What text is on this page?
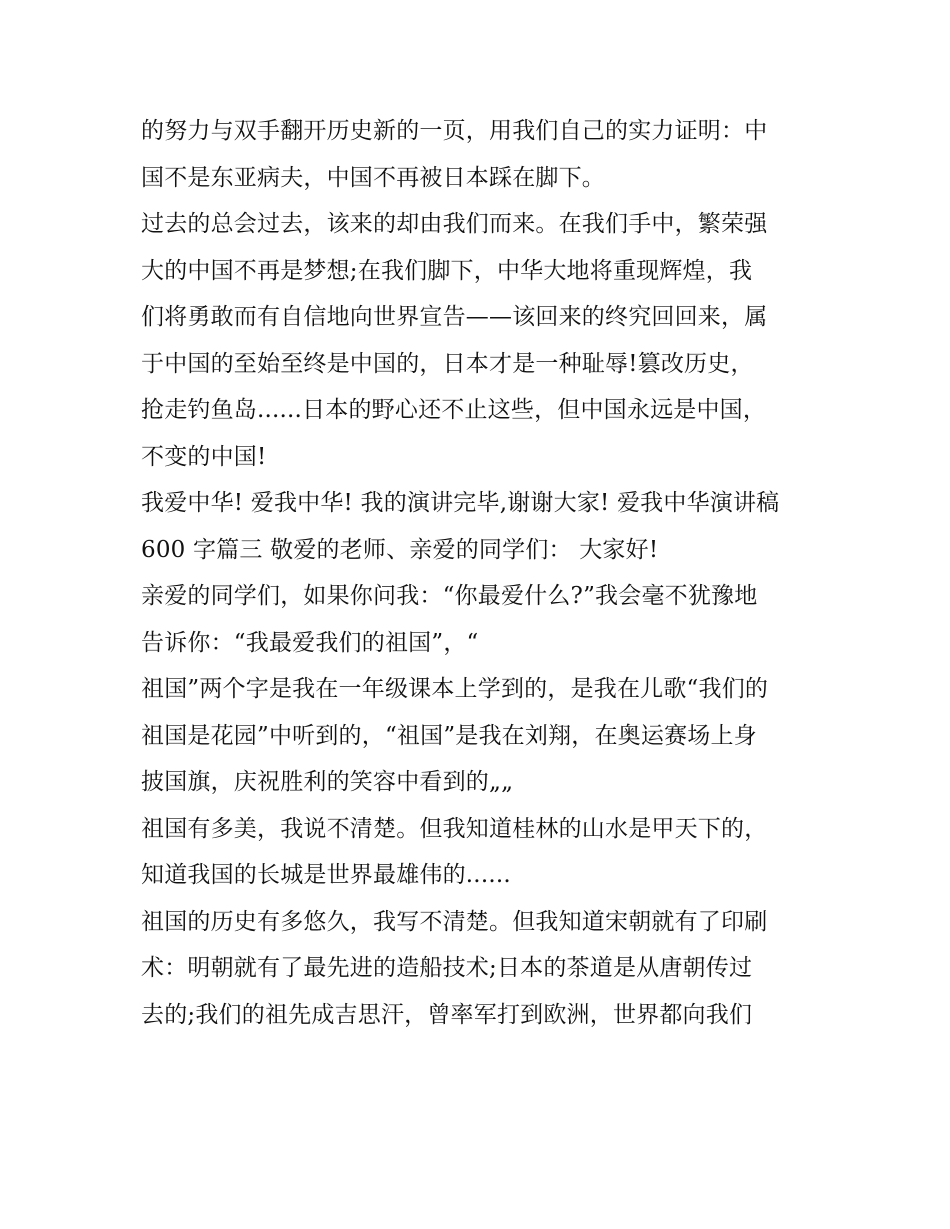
的努力与双手翻开历史新的一页，用我们自己的实力证明：中
国不是东亚病夫，中国不再被日本踩在脚下。
过去的总会过去，该来的却由我们而来。在我们手中，繁荣强
大的中国不再是梦想;在我们脚下，中华大地将重现辉煌，我
们将勇敢而有自信地向世界宣告——该回来的终究回回来，属
于中国的至始至终是中国的，日本才是一种耻辱!篡改历史，
抢走钓鱼岛......日本的野心还不止这些，但中国永远是中国，
不变的中国!
我爱中华! 爱我中华! 我的演讲完毕,谢谢大家! 爱我中华演讲稿
600 字篇三 敬爱的老师、亲爱的同学们： 大家好!
亲爱的同学们，如果你问我：“你最爱什么?”我会毫不犹豫地
告诉你：“我最爱我们的祖国”，“
祖国”两个字是我在一年级课本上学到的，是我在儿歌“我们的
祖国是花园”中听到的，“祖国”是我在刘翔，在奥运赛场上身
披国旗，庆祝胜利的笑容中看到的„„
祖国有多美，我说不清楚。但我知道桂林的山水是甲天下的，
知道我国的长城是世界最雄伟的......
祖国的历史有多悠久，我写不清楚。但我知道宋朝就有了印刷
术：明朝就有了最先进的造船技术;日本的茶道是从唐朝传过
去的;我们的祖先成吉思汗，曾率军打到欧洲，世界都向我们
